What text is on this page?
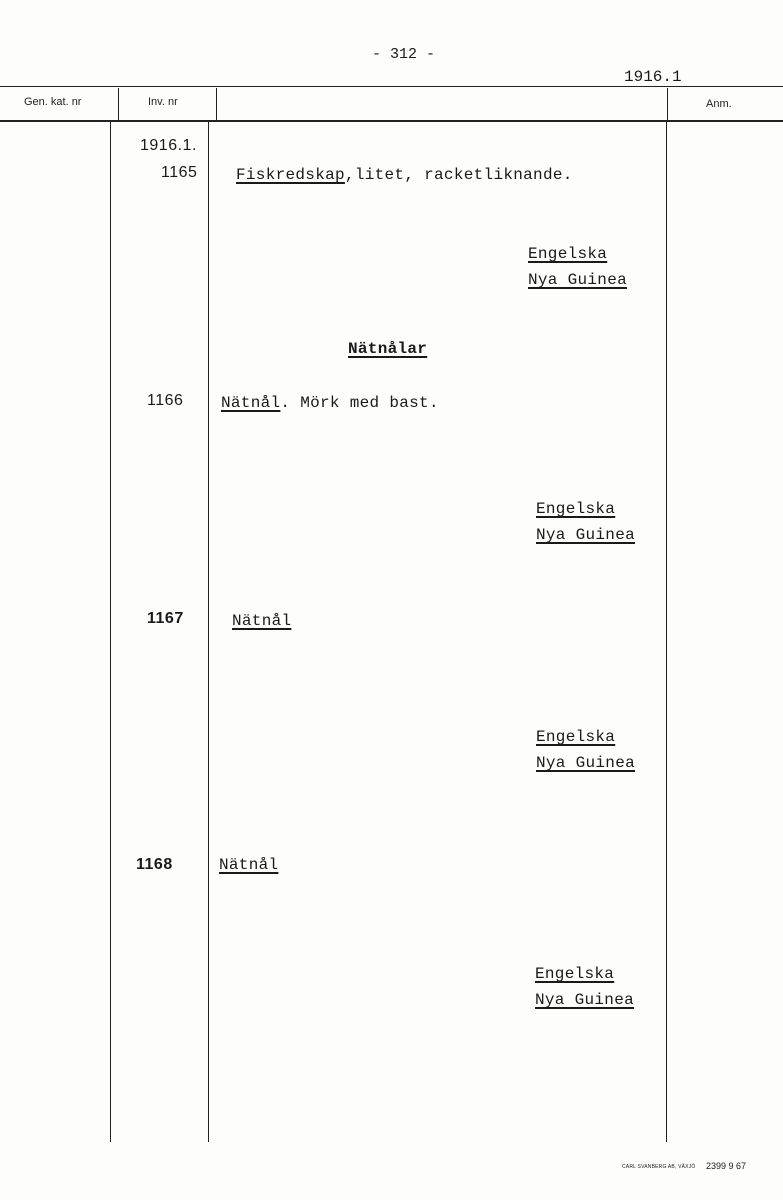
- 312 -
1916.1
Gen. kat. nr	Inv. nr	Anm.
1916.1.
1165 Fiskredskap,litet, racketliknande.
Engelska
Nya Guinea
Nätnålar
1166 Nätnål. Mörk med bast.
Engelska
Nya Guinea
1167	Nätnål
Engelska
Nya Guinea
1168	Nätnål
Engelska
Nya Guinea
CARL SVANBERG AB, VÄXJÖ 2399 9 67
